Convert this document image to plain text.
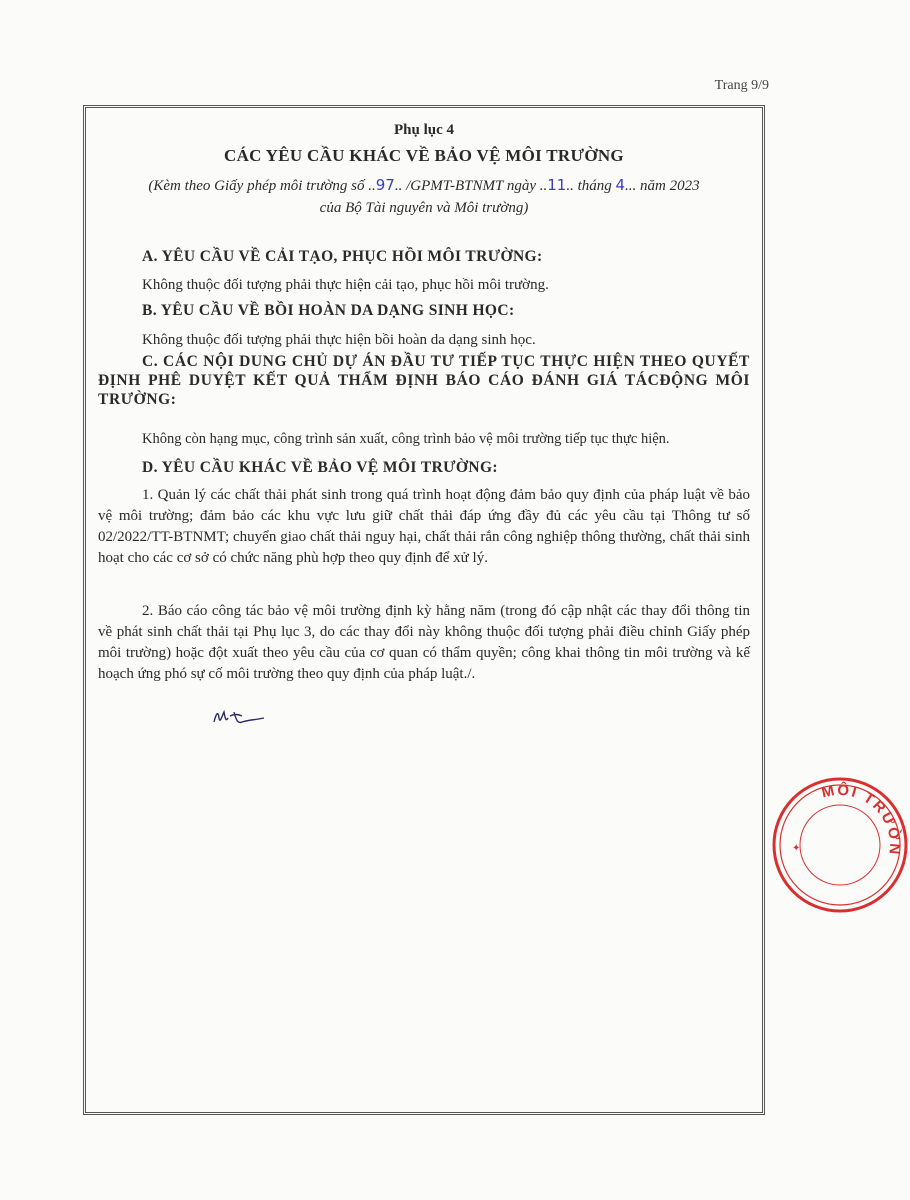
Trang 9/9
Phụ lục 4
CÁC YÊU CẦU KHÁC VỀ BẢO VỆ MÔI TRƯỜNG
(Kèm theo Giấy phép môi trường số ..97.. /GPMT-BTNMT ngày ..11.. tháng 4... năm 2023
của Bộ Tài nguyên và Môi trường)
A. YÊU CẦU VỀ CẢI TẠO, PHỤC HỒI MÔI TRƯỜNG:
Không thuộc đối tượng phải thực hiện cải tạo, phục hồi môi trường.
B. YÊU CẦU VỀ BỒI HOÀN DA DẠNG SINH HỌC:
Không thuộc đối tượng phải thực hiện bồi hoàn da dạng sinh học.
C. CÁC NỘI DUNG CHỦ DỰ ÁN ĐẦU TƯ TIẾP TỤC THỰC HIỆN THEO QUYẾT ĐỊNH PHÊ DUYỆT KẾT QUẢ THẨM ĐỊNH BÁO CÁO ĐÁNH GIÁ TÁCĐỘNG MÔI TRƯỜNG:
Không còn hạng mục, công trình sản xuất, công trình bảo vệ môi trường tiếp tục thực hiện.
D. YÊU CẦU KHÁC VỀ BẢO VỆ MÔI TRƯỜNG:
1. Quản lý các chất thải phát sinh trong quá trình hoạt động đảm bảo quy định của pháp luật về bảo vệ môi trường; đảm bảo các khu vực lưu giữ chất thải đáp ứng đầy đủ các yêu cầu tại Thông tư số 02/2022/TT-BTNMT; chuyển giao chất thải nguy hại, chất thải rắn công nghiệp thông thường, chất thải sinh hoạt cho các cơ sở có chức năng phù hợp theo quy định để xử lý.
2. Báo cáo công tác bảo vệ môi trường định kỳ hằng năm (trong đó cập nhật các thay đổi thông tin về phát sinh chất thải tại Phụ lục 3, do các thay đổi này không thuộc đối tượng phải điều chỉnh Giấy phép môi trường) hoặc đột xuất theo yêu cầu của cơ quan có thẩm quyền; công khai thông tin môi trường và kế hoạch ứng phó sự cố môi trường theo quy định của pháp luật./.
MÔI TRƯỜN
✦
